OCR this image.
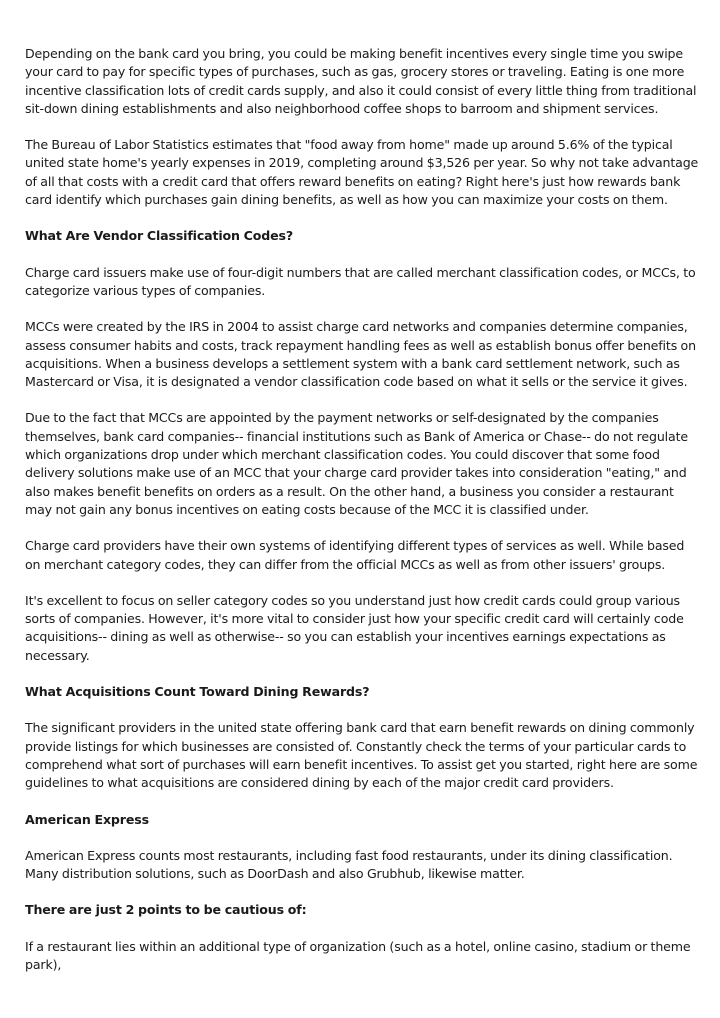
Depending on the bank card you bring, you could be making benefit incentives every single time you swipe your card to pay for specific types of purchases, such as gas, grocery stores or traveling. Eating is one more incentive classification lots of credit cards supply, and also it could consist of every little thing from traditional sit-down dining establishments and also neighborhood coffee shops to barroom and shipment services.

The Bureau of Labor Statistics estimates that "food away from home" made up around 5.6% of the typical united state home's yearly expenses in 2019, completing around $3,526 per year. So why not take advantage of all that costs with a credit card that offers reward benefits on eating? Right here's just how rewards bank card identify which purchases gain dining benefits, as well as how you can maximize your costs on them.

What Are Vendor Classification Codes?

Charge card issuers make use of four-digit numbers that are called merchant classification codes, or MCCs, to categorize various types of companies.

MCCs were created by the IRS in 2004 to assist charge card networks and companies determine companies, assess consumer habits and costs, track repayment handling fees as well as establish bonus offer benefits on acquisitions. When a business develops a settlement system with a bank card settlement network, such as Mastercard or Visa, it is designated a vendor classification code based on what it sells or the service it gives.

Due to the fact that MCCs are appointed by the payment networks or self-designated by the companies themselves, bank card companies-- financial institutions such as Bank of America or Chase-- do not regulate which organizations drop under which merchant classification codes. You could discover that some food delivery solutions make use of an MCC that your charge card provider takes into consideration "eating," and also makes benefit benefits on orders as a result. On the other hand, a business you consider a restaurant may not gain any bonus incentives on eating costs because of the MCC it is classified under.

Charge card providers have their own systems of identifying different types of services as well. While based on merchant category codes, they can differ from the official MCCs as well as from other issuers' groups.

It's excellent to focus on seller category codes so you understand just how credit cards could group various sorts of companies. However, it's more vital to consider just how your specific credit card will certainly code acquisitions-- dining as well as otherwise-- so you can establish your incentives earnings expectations as necessary.

What Acquisitions Count Toward Dining Rewards?

The significant providers in the united state offering bank card that earn benefit rewards on dining commonly provide listings for which businesses are consisted of. Constantly check the terms of your particular cards to comprehend what sort of purchases will earn benefit incentives. To assist get you started, right here are some guidelines to what acquisitions are considered dining by each of the major credit card providers.

American Express

American Express counts most restaurants, including fast food restaurants, under its dining classification. Many distribution solutions, such as DoorDash and also Grubhub, likewise matter.

There are just 2 points to be cautious of:

If a restaurant lies within an additional type of organization (such as a hotel, online casino, stadium or theme park),
